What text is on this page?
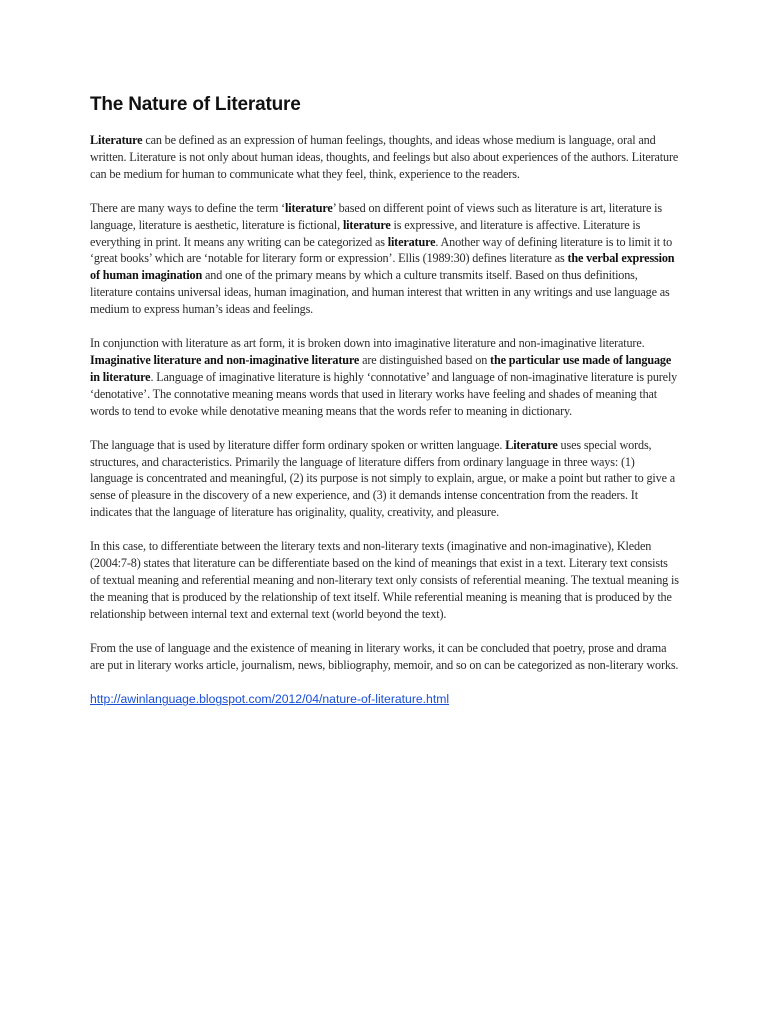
The Nature of Literature

Literature can be defined as an expression of human feelings, thoughts, and ideas whose medium is language, oral and written. Literature is not only about human ideas, thoughts, and feelings but also about experiences of the authors. Literature can be medium for human to communicate what they feel, think, experience to the readers.

There are many ways to define the term ‘literature’ based on different point of views such as literature is art, literature is language, literature is aesthetic, literature is fictional, literature is expressive, and literature is affective. Literature is everything in print. It means any writing can be categorized as literature. Another way of defining literature is to limit it to ‘great books’ which are ‘notable for literary form or expression’. Ellis (1989:30) defines literature as the verbal expression of human imagination and one of the primary means by which a culture transmits itself. Based on thus definitions, literature contains universal ideas, human imagination, and human interest that written in any writings and use language as medium to express human’s ideas and feelings.

In conjunction with literature as art form, it is broken down into imaginative literature and non-imaginative literature. Imaginative literature and non-imaginative literature are distinguished based on the particular use made of language in literature. Language of imaginative literature is highly ‘connotative’ and language of non-imaginative literature is purely ‘denotative’. The connotative meaning means words that used in literary works have feeling and shades of meaning that words to tend to evoke while denotative meaning means that the words refer to meaning in dictionary.

The language that is used by literature differ form ordinary spoken or written language. Literature uses special words, structures, and characteristics. Primarily the language of literature differs from ordinary language in three ways: (1) language is concentrated and meaningful, (2) its purpose is not simply to explain, argue, or make a point but rather to give a sense of pleasure in the discovery of a new experience, and (3) it demands intense concentration from the readers. It indicates that the language of literature has originality, quality, creativity, and pleasure.

In this case, to differentiate between the literary texts and non-literary texts (imaginative and non-imaginative), Kleden (2004:7-8) states that literature can be differentiate based on the kind of meanings that exist in a text. Literary text consists of textual meaning and referential meaning and non-literary text only consists of referential meaning. The textual meaning is the meaning that is produced by the relationship of text itself. While referential meaning is meaning that is produced by the relationship between internal text and external text (world beyond the text).

From the use of language and the existence of meaning in literary works, it can be concluded that poetry, prose and drama are put in literary works article, journalism, news, bibliography, memoir, and so on can be categorized as non-literary works.

http://awinlanguage.blogspot.com/2012/04/nature-of-literature.html
